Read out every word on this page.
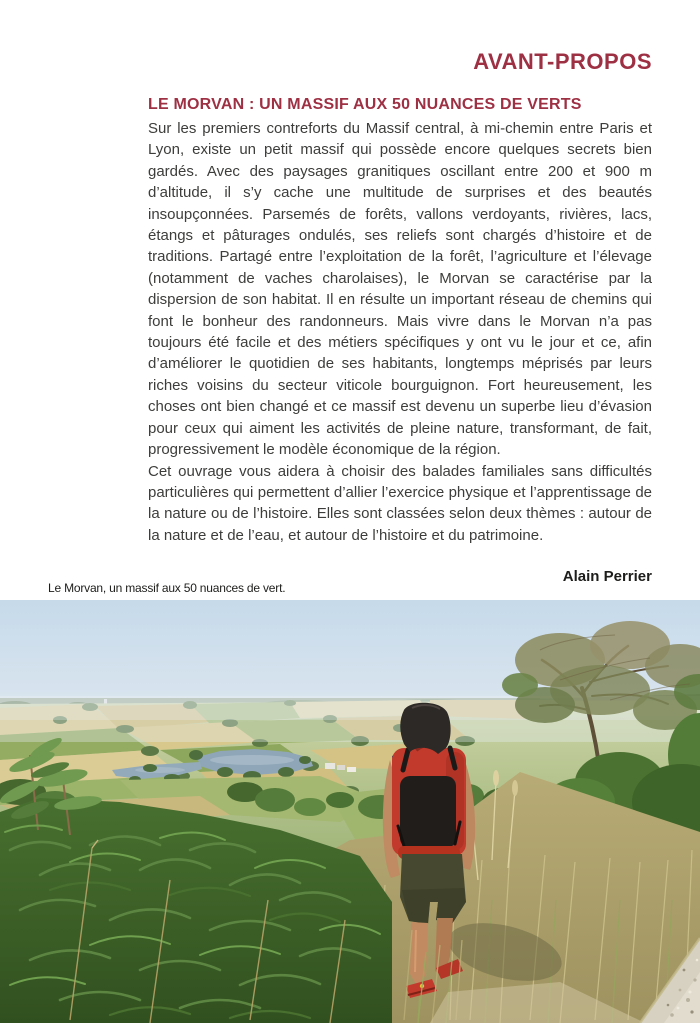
AVANT-PROPOS
LE MORVAN : UN MASSIF AUX 50 NUANCES DE VERTS

Sur les premiers contreforts du Massif central, à mi-chemin entre Paris et Lyon, existe un petit massif qui possède encore quelques secrets bien gardés. Avec des paysages granitiques oscillant entre 200 et 900 m d’altitude, il s’y cache une multitude de surprises et des beautés insoupçonnées. Parsemés de forêts, vallons verdoyants, rivières, lacs, étangs et pâturages ondulés, ses reliefs sont chargés d’histoire et de traditions. Partagé entre l’exploitation de la forêt, l’agriculture et l’élevage (notamment de vaches charolaises), le Morvan se caractérise par la dispersion de son habitat. Il en résulte un important réseau de chemins qui font le bonheur des randonneurs. Mais vivre dans le Morvan n’a pas toujours été facile et des métiers spécifiques y ont vu le jour et ce, afin d’améliorer le quotidien de ses habitants, longtemps méprisés par leurs riches voisins du secteur viticole bourguignon. Fort heureusement, les choses ont bien changé et ce massif est devenu un superbe lieu d’évasion pour ceux qui aiment les activités de pleine nature, transformant, de fait, progressivement le modèle économique de la région.

Cet ouvrage vous aidera à choisir des balades familiales sans difficultés particulières qui permettent d’allier l’exercice physique et l’apprentissage de la nature ou de l’histoire. Elles sont classées selon deux thèmes : autour de la nature et de l’eau, et autour de l’histoire et du patrimoine.

Alain Perrier
Le Morvan, un massif aux 50 nuances de vert.
